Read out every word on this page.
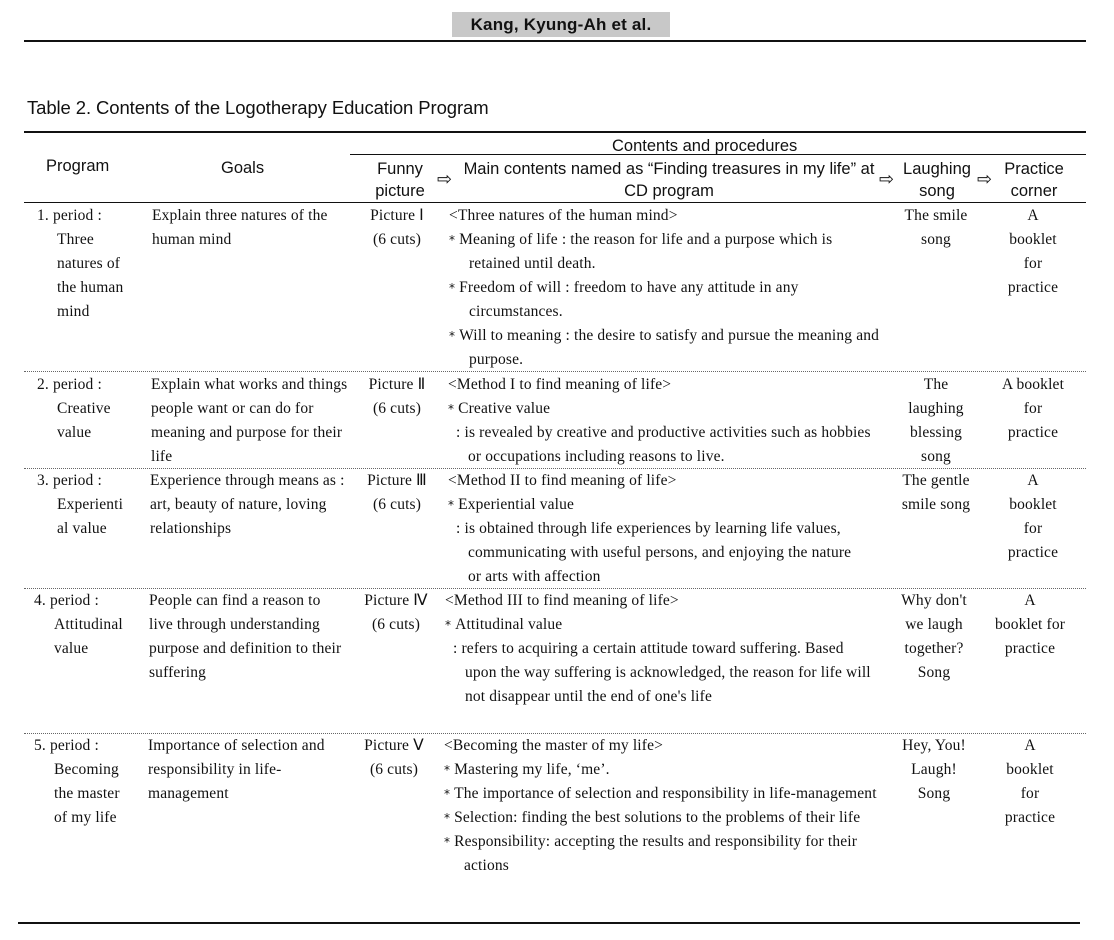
Kang, Kyung-Ah et al.
Table 2. Contents of the Logotherapy Education Program
Program	Goals
Contents and procedures
Funny
picture
⇨ Main contents named as “Finding treasures in my life” at CD program
⇨ Laughing
song
⇨ Practice
corner
1. period :
Three
natures of
the human
mind
Explain three natures of the human mind
Picture Ⅰ
(6 cuts)
<Three natures of the human mind>
* Meaning of life : the reason for life and a purpose which is retained until death.
* Freedom of will : freedom to have any attitude in any circumstances.
* Will to meaning : the desire to satisfy and pursue the meaning and purpose.
The smile
song
A
booklet
for
practice
2. period :
Creative
value
Explain what works and things people want or can do for meaning and purpose for their life
Picture Ⅱ
(6 cuts)
<Method I to find meaning of life>
* Creative value
: is revealed by creative and productive activities such as hobbies or occupations including reasons to live.
The
laughing
blessing
song
A booklet
for
practice
3. period :
Experienti
al value
Experience through means as : art, beauty of nature, loving relationships
Picture Ⅲ
(6 cuts)
<Method II to find meaning of life>
* Experiential value
: is obtained through life experiences by learning life values, communicating with useful persons, and enjoying the nature or arts with affection
The gentle
smile song
A
booklet
for
practice
4. period :
Attitudinal
value
People can find a reason to live through understanding purpose and definition to their suffering
Picture Ⅳ
(6 cuts)
<Method III to find meaning of life>
* Attitudinal value
: refers to acquiring a certain attitude toward suffering. Based upon the way suffering is acknowledged, the reason for life will not disappear until the end of one's life
Why don't
we laugh
together?
Song
A
booklet for
practice
5. period :
Becoming
the master
of my life
Importance of selection and responsibility in life-management
Picture Ⅴ
(6 cuts)
<Becoming the master of my life>
* Mastering my life, ‘me’.
* The importance of selection and responsibility in life-management
* Selection: finding the best solutions to the problems of their life
* Responsibility: accepting the results and responsibility for their actions
Hey, You!
Laugh!
Song
A
booklet
for
practice
